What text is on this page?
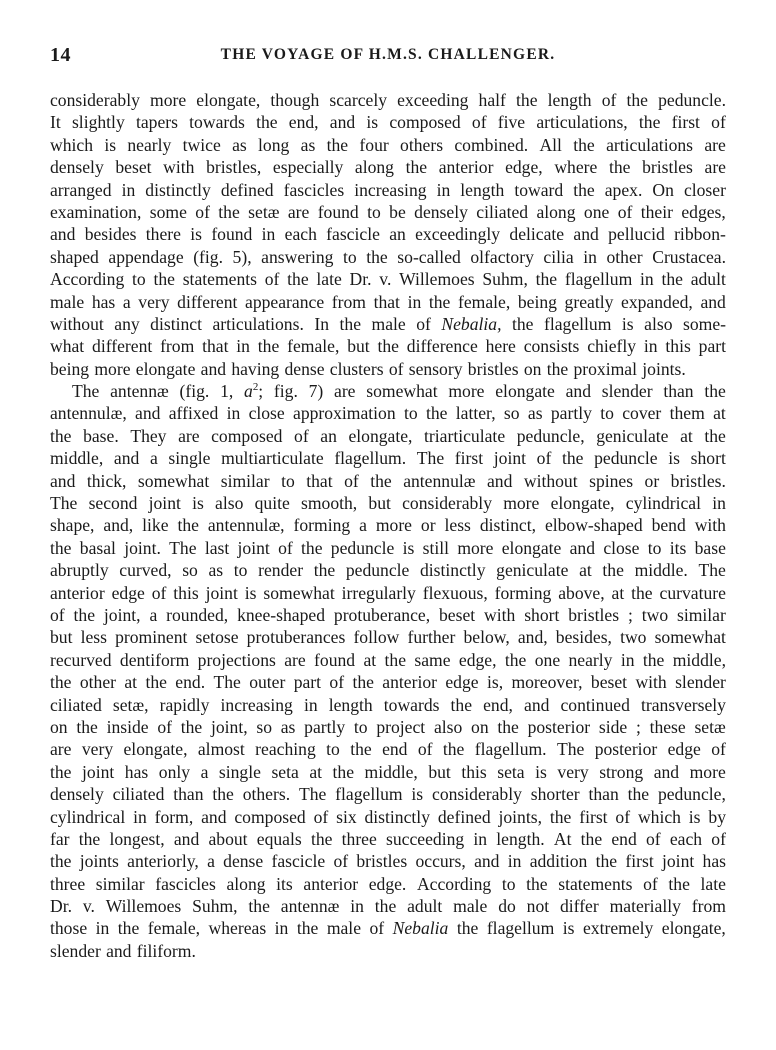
14	THE VOYAGE OF H.M.S. CHALLENGER.
considerably more elongate, though scarcely exceeding half the length of the peduncle.
It slightly tapers towards the end, and is composed of five articulations, the first of
which is nearly twice as long as the four others combined. All the articulations are
densely beset with bristles, especially along the anterior edge, where the bristles are
arranged in distinctly defined fascicles increasing in length toward the apex. On closer
examination, some of the setæ are found to be densely ciliated along one of their edges,
and besides there is found in each fascicle an exceedingly delicate and pellucid ribbon-
shaped appendage (fig. 5), answering to the so-called olfactory cilia in other Crustacea.
According to the statements of the late Dr. v. Willemoes Suhm, the flagellum in the adult
male has a very different appearance from that in the female, being greatly expanded, and
without any distinct articulations. In the male of Nebalia, the flagellum is also some-
what different from that in the female, but the difference here consists chiefly in this part
being more elongate and having dense clusters of sensory bristles on the proximal joints.
The antennæ (fig. 1, $a^2$; fig. 7) are somewhat more elongate and slender than the
antennulæ, and affixed in close approximation to the latter, so as partly to cover them at
the base. They are composed of an elongate, triarticulate peduncle, geniculate at the
middle, and a single multiarticulate flagellum. The first joint of the peduncle is short
and thick, somewhat similar to that of the antennulæ and without spines or bristles.
The second joint is also quite smooth, but considerably more elongate, cylindrical in
shape, and, like the antennulæ, forming a more or less distinct, elbow-shaped bend with
the basal joint. The last joint of the peduncle is still more elongate and close to its base
abruptly curved, so as to render the peduncle distinctly geniculate at the middle. The
anterior edge of this joint is somewhat irregularly flexuous, forming above, at the curvature
of the joint, a rounded, knee-shaped protuberance, beset with short bristles ; two similar
but less prominent setose protuberances follow further below, and, besides, two somewhat
recurved dentiform projections are found at the same edge, the one nearly in the middle,
the other at the end. The outer part of the anterior edge is, moreover, beset with slender
ciliated setæ, rapidly increasing in length towards the end, and continued transversely
on the inside of the joint, so as partly to project also on the posterior side ; these setæ
are very elongate, almost reaching to the end of the flagellum. The posterior edge of
the joint has only a single seta at the middle, but this seta is very strong and more
densely ciliated than the others. The flagellum is considerably shorter than the peduncle,
cylindrical in form, and composed of six distinctly defined joints, the first of which is by
far the longest, and about equals the three succeeding in length. At the end of each of
the joints anteriorly, a dense fascicle of bristles occurs, and in addition the first joint has
three similar fascicles along its anterior edge. According to the statements of the late
Dr. v. Willemoes Suhm, the antennæ in the adult male do not differ materially from
those in the female, whereas in the male of Nebalia the flagellum is extremely elongate,
slender and filiform.
